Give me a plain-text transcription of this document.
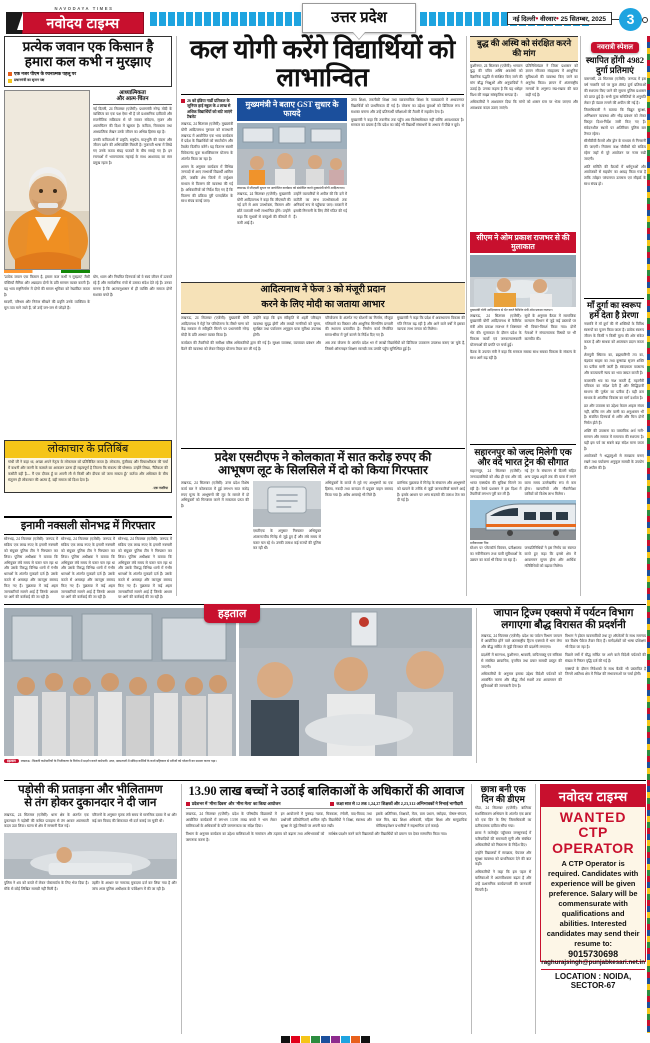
NAVODAYA TIMES
नवोदय टाइम्स	उत्तर प्रदेश	नई दिल्ली• वीरवार• 25 सितम्बर, 2025	3
प्रत्येक जवान एक किसान है
हमारा कल कभी न मुरझाए
एक नजर पीएम के रचनात्मक पहलू पर
प्रधानमंत्री का सृजन पक्ष
आध्यात्मिकता
और आत्म-चिंतन

नई दिल्ली, 24 सितम्बर (एजेंसी): प्रधानमंत्री नरेन्द्र मोदी के व्यक्तित्व का एक पक्ष ऐसा भी है जो प्रशासनिक दायित्वों और राजनीतिक सक्रियता से परे जाकर संवेदना, सृजन और आत्मचिंतन की दिशा में खुलता है। कविता, चित्रकला तथा आध्यात्मिक लेखन उनके जीवन का अभिन्न हिस्सा रहा है।

उनकी कविताओं में प्रकृति, राष्ट्रप्रेम, मातृभूमि की वंदना और जीवन दर्शन की अभिव्यक्ति मिलती है। गुजराती भाषा में लिखे गए उनके काव्य संग्रह पाठकों के बीच सराहे गए हैं। इन रचनाओं में भावनात्मक गहराई के साथ आशावाद का स्वर प्रमुख रहता है।

'प्रत्येक जवान एक किसान है, हमारा कल कभी न मुरझाए' जैसी पंक्तियाँ सैनिक और अन्नदाता दोनों के प्रति सम्मान व्यक्त करती हैं। यह भाव राष्ट्रनिर्माण में दोनों की समान भूमिका को रेखांकित करता है।

सादगी, परिश्रम और निरंतर सीखने की प्रवृत्ति उनके व्यक्तित्व के मूल तत्व माने जाते हैं, जो उन्हें जन-जन से जोड़ते हैं।

योग, ध्यान और नियमित दिनचर्या को वे स्वयं जीवन में उतारते रहे हैं और सार्वजनिक मंचों से उसका संदेश देते रहे हैं। उनका मानना है कि आत्मानुशासन से ही व्यक्ति और समाज दोनों सशक्त बनते हैं।

लोकाचार के प्रतिबिंब

गांधी जी ने कहा था, अच्छा अपने नेतृत्व के लोकाचार को प्रतिबिंबित करता है। लोकतंत्र, पूंजीवाद और विचारशीलता की चर्चा में कथनी और करनी के फासले का आकलन उतना ही महत्वपूर्ण है जितना कि संकल्प की घोषणा। उन्होंने लिखा, 'नैतिकता की कसौटी वही है— मैं एक दीपक हूँ या अपनी लौ से किसी और दीपक को जला सकता हूँ।' कर्तव्य और अधिकार के बीच संतुलन ही लोकाचार की आत्मा है, यही समाज को दिशा देता है।

-एक नजरिया
इनामी नक्सली सोनभद्र में गिरफ्तार

सोनभद्र, 24 सितम्बर (एजेंसी): जनपद में सक्रिय एक लाख रुपए के इनामी नक्सली को संयुक्त पुलिस टीम ने गिरफ्तार कर लिया। पुलिस अधीक्षक ने बताया कि अभियुक्त लंबे समय से फरार चल रहा था और उसके विरुद्ध विभिन्न थानों में गंभीर धाराओं के अंतर्गत मुकदमे दर्ज हैं। उसके कब्जे से असलहा और कारतूस बरामद किए गए हैं। पूछताछ में कई अहम जानकारियाँ सामने आई हैं जिनके आधार पर आगे की कार्रवाई की जा रही है।

सोनभद्र, 24 सितम्बर (एजेंसी): जनपद में सक्रिय एक लाख रुपए के इनामी नक्सली को संयुक्त पुलिस टीम ने गिरफ्तार कर लिया। पुलिस अधीक्षक ने बताया कि अभियुक्त लंबे समय से फरार चल रहा था और उसके विरुद्ध विभिन्न थानों में गंभीर धाराओं के अंतर्गत मुकदमे दर्ज हैं। उसके कब्जे से असलहा और कारतूस बरामद किए गए हैं। पूछताछ में कई अहम जानकारियाँ सामने आई हैं जिनके आधार पर आगे की कार्रवाई की जा रही है।

सोनभद्र, 24 सितम्बर (एजेंसी): जनपद में सक्रिय एक लाख रुपए के इनामी नक्सली को संयुक्त पुलिस टीम ने गिरफ्तार कर लिया। पुलिस अधीक्षक ने बताया कि अभियुक्त लंबे समय से फरार चल रहा था और उसके विरुद्ध विभिन्न थानों में गंभीर धाराओं के अंतर्गत मुकदमे दर्ज हैं। उसके कब्जे से असलहा और कारतूस बरामद किए गए हैं। पूछताछ में कई अहम जानकारियाँ सामने आई हैं जिनके आधार पर आगे की कार्रवाई की जा रही है।

कल योगी करेंगे विद्यार्थियों को लाभान्वित
26 को इंडिया गार्डी प्रतिकल के जूनियर हाई स्कूल के 4 लाख से अधिक विद्यार्थियों को बांटे जाएंगे टैबलेट

लखनऊ, 24 सितम्बर (एजेंसी): मुख्यमंत्री योगी आदित्यनाथ गुरुवार को राजधानी लखनऊ में आयोजित एक भव्य कार्यक्रम में प्रदेश के विद्यार्थियों को स्मार्टफोन और टैबलेट वितरित करेंगे। यह वितरण स्वामी विवेकानंद युवा सशक्तिकरण योजना के अंतर्गत किया जा रहा है।

शासन के अनुसार कार्यक्रम में विभिन्न जनपदों से आए लाभार्थी विद्यार्थी शामिल होंगे, जबकि शेष जिलों में वर्चुअल माध्यम से वितरण की व्यवस्था की गई है। अधिकारियों को निर्देश दिए गए हैं कि वितरण की प्रक्रिया पूरी पारदर्शिता के साथ संपन्न कराई जाए।

मुख्यमंत्री ने बताए GST सुधार के फायदे
लखनऊ में जीएसटी सुधार पर आयोजित कार्यक्रम को संबोधित करते मुख्यमंत्री योगी आदित्यनाथ।

लखनऊ, 24 सितम्बर (एजेंसी): मुख्यमंत्री योगी आदित्यनाथ ने कहा कि जीएसटी की नई दरों से आम उपभोक्ता, किसान और छोटे व्यापारी सभी लाभान्वित होंगे। उन्होंने कहा कि सुधारों से वस्तुओं की कीमतों में कमी आई है।

उन्होंने व्यापारियों से अपील की कि दरों में कटौती का लाभ उपभोक्ताओं तक अनिवार्य रूप से पहुँचाया जाए। बाजारों में इसकी निगरानी के लिए टीमें गठित की गई हैं।

उच्च शिक्षा, तकनीकी शिक्षा तथा व्यावसायिक शिक्षा के पाठ्यक्रमों में अध्ययनरत विद्यार्थियों को प्राथमिकता दी गई है। योजना का उद्देश्य युवाओं को डिजिटल रूप से सशक्त बनाना और उन्हें प्रतिस्पर्धी परीक्षाओं की तैयारी में सहयोग देना है।

मुख्यमंत्री ने कहा कि तकनीक तक पहुँच अब विशेषाधिकार नहीं बल्कि आवश्यकता है। सरकार का प्रयास है कि प्रदेश का कोई भी विद्यार्थी संसाधनों के अभाव में पीछे न छूटे।

आदित्यनाथ ने फेज 3 को मंजूरी प्रदान
करने के लिए मोदी का जताया आभार

लखनऊ, 24 सितम्बर (एजेंसी): मुख्यमंत्री योगी आदित्यनाथ ने मेट्रो रेल परियोजना के तीसरे चरण को केंद्र सरकार से स्वीकृति मिलने पर प्रधानमंत्री नरेन्द्र मोदी के प्रति आभार व्यक्त किया है।

उन्होंने कहा कि इस स्वीकृति से शहरी परिवहन व्यवस्था सुदृढ़ होगी और लाखों नागरिकों को सुगम, सुरक्षित तथा पर्यावरण अनुकूल यात्रा सुविधा उपलब्ध होगी।

परियोजना के अंतर्गत नए स्टेशनों का निर्माण, मौजूदा गलियारों का विस्तार और आधुनिक सिग्नलिंग प्रणाली की स्थापना प्रस्तावित है। निर्माण कार्य निर्धारित समय-सीमा में पूर्ण कराने के निर्देश दिए गए हैं।

मुख्यमंत्री ने कहा कि प्रदेश में अवस्थापना विकास की गति निरंतर बढ़ रही है और आने वाले वर्षों में इसका व्यापक लाभ जनता को मिलेगा।

कार्यक्रम की तैयारियों की समीक्षा वरिष्ठ अधिकारियों द्वारा की गई है। सुरक्षा व्यवस्था, यातायात प्रबंधन और बैठने की व्यवस्था को लेकर विस्तृत योजना तैयार कर ली गई है।

अब तक योजना के अंतर्गत प्रदेश भर में लाखों विद्यार्थियों को डिजिटल उपकरण उपलब्ध कराए जा चुके हैं, जिससे ऑनलाइन शिक्षण सामग्री तक उनकी पहुँच सुनिश्चित हुई है।

प्रदेश एसटीएफ ने कोलकाता में सात करोड़ रुपए की
आभूषण लूट के सिलसिले में दो को किया गिरफ्तार

लखनऊ, 24 सितम्बर (एजेंसी): उत्तर प्रदेश विशेष कार्य बल ने कोलकाता में हुई लगभग सात करोड़ रुपए मूल्य के आभूषणों की लूट के मामले में दो अभियुक्तों को गिरफ्तार करने में सफलता प्राप्त की है।

एसटीएफ के अनुसार गिरफ्तार अभियुक्त अंतरराज्यीय गिरोह से जुड़े हुए हैं और लंबे समय से फरार चल रहे थे। उनकी तलाश कई राज्यों की पुलिस कर रही थी।

अभियुक्तों के कब्जे से लूटे गए आभूषणों का एक हिस्सा, नकदी तथा वारदात में प्रयुक्त वाहन बरामद किया गया है। अवैध असलहे भी मिले हैं।

प्रारंभिक पूछताछ में गिरोह के संचालन और आभूषणों को खपाने के तरीके से जुड़ी जानकारियाँ सामने आई हैं। इसके आधार पर अन्य सदस्यों की तलाश तेज कर दी गई है।

बुद्ध की अस्थि को संरक्षित करने की मांग

कुशीनगर, 24 सितम्बर (एजेंसी): भगवान बुद्ध की पवित्र अस्थि अवशेषों को वैज्ञानिक पद्धति से संरक्षित किए जाने की मांग बौद्ध भिक्षुओं और अनुयायियों ने उठाई है। उनका कहना है कि यह धरोहर विश्व की साझा सांस्कृतिक सम्पदा है।

प्रतिनिधिमंडल ने जिला प्रशासन को ज्ञापन सौंपकर संग्रहालय में आधुनिक सुविधाओं की व्यवस्था किए जाने का अनुरोध किया। ज्ञापन में अंतरराष्ट्रीय मानकों के अनुरूप रख-रखाव की बात कही गई है।

अधिकारियों ने आश्वासन दिया कि मांगों को शासन स्तर पर भेजा जाएगा और आवश्यक कदम उठाए जाएंगे।

सीएम ने ओम प्रकाश राजभर से की मुलाकात
मुख्यमंत्री योगी आदित्यनाथ से भेंट करते कैबिनेट मंत्री ओम प्रकाश राजभर।

लखनऊ, 24 सितम्बर (एजेंसी): मुख्यमंत्री योगी आदित्यनाथ से कैबिनेट मंत्री ओम प्रकाश राजभर ने शिष्टाचार भेंट की। मुलाकात के दौरान प्रदेश के विकास कार्यों एवं जनकल्याणकारी योजनाओं की प्रगति पर चर्चा हुई।

सूत्रों के अनुसार बैठक में सामाजिक कल्याण विभाग से जुड़े कई प्रस्तावों पर भी विचार-विमर्श किया गया। दोनों नेताओं ने संगठनात्मक विषयों पर भी बातचीत की।

बैठक के उपरांत मंत्री ने कहा कि सरकार सबका साथ सबका विकास के संकल्प के साथ आगे बढ़ रही है।

सहारनपुर को जल्द मिलेगी एक
और वंदे भारत ट्रेन की सौगात

सहारनपुर, 24 सितम्बर (एजेंसी): जनपदवासियों को शीघ्र ही एक और वंदे भारत एक्सप्रेस की सुविधा मिलने जा रही है। रेलवे प्रशासन ने इस दिशा में तैयारियाँ लगभग पूरी कर ली हैं।

नई ट्रेन के संचालन से दिल्ली सहित अन्य प्रमुख शहरों तक की यात्रा में लगने वाला समय उल्लेखनीय रूप से कम होगा। व्यापारियों और नौकरीपेशा यात्रियों को विशेष लाभ मिलेगा।

प्रतीकात्मक चित्र

स्टेशन पर प्लेटफॉर्म विस्तार, प्रतीक्षालय का नवीनीकरण तथा यात्री सुविधाओं के उन्नयन का कार्य भी किया जा रहा है।

जनप्रतिनिधियों ने इस निर्णय का स्वागत करते हुए कहा कि इससे क्षेत्र में आवागमन सुगम होगा और आर्थिक गतिविधियों को बढ़ावा मिलेगा।

नवरात्री स्पेशल
स्थापित होंगी 4982
दुर्गा प्रतिमाएं

वाराणसी, 24 सितम्बर (एजेंसी): जनपद में इस वर्ष नवरात्रि पर्व पर कुल 4982 दुर्गा प्रतिमाओं की स्थापना किए जाने की सूचना पुलिस प्रशासन को प्राप्त हुई है। सभी पूजा समितियों से अनुमति लेकर ही पंडाल लगाने की अपील की गई है।

जिलाधिकारी ने बताया कि विद्युत सुरक्षा, अग्निशमन व्यवस्था और भीड़ प्रबंधन को लेकर विस्तृत दिशा-निर्देश जारी किए गए हैं। संवेदनशील स्थलों पर अतिरिक्त पुलिस बल तैनात रहेगा।

सीसीटीवी कैमरों और ड्रोन के माध्यम से निगरानी की जाएगी। नियंत्रण कक्ष चौबीसों घंटे सक्रिय रहेगा जहाँ से पूरे आयोजन पर नजर रखी जाएगी।

शांति समिति की बैठकों में धर्मगुरुओं और आयोजकों से सहयोग का आग्रह किया गया है ताकि त्योहार परंपरागत उल्लास एवं सौहार्द के साथ संपन्न हो।

माँ दुर्गा का स्वरूप
हमें देता है प्रेरणा

नवरात्रि में माँ दुर्गा की नौ शक्तियों के विविध स्वरूपों का पूजन किया जाता है। प्रत्येक स्वरूप जीवन के किसी न किसी मूल्य की ओर संकेत करता है और साधक को आत्मबल प्रदान करता है।

शैलपुत्री स्थिरता का, ब्रह्मचारिणी तप का, चंद्रघंटा साहस का तथा कूष्मांडा सृजन शक्ति का प्रतीक मानी जाती हैं। स्कंदमाता वात्सल्य और कात्यायनी न्याय का भाव जाग्रत करती हैं।

कालरात्रि भय का नाश करती हैं, महागौरी पवित्रता का संदेश देती हैं और सिद्धिदात्री साधना की पूर्णता का प्रतीक हैं। यही क्रम साधक के आंतरिक विकास का मार्ग दर्शाता है।

व्रत और उपवास का उद्देश्य केवल आहार संयम नहीं, बल्कि मन और वाणी का अनुशासन भी है। संयमित दिनचर्या से शरीर और चित्त दोनों निर्मल होते हैं।

शक्ति की उपासना का वास्तविक अर्थ नारी-सम्मान और समाज में समानता की स्थापना है। यही इस पर्व का सबसे बड़ा संदेश माना जाता है।

आयोजकों ने श्रद्धालुओं से स्वच्छता बनाए रखने तथा पर्यावरण अनुकूल सामग्री के उपयोग की अपील की है।

हड़ताल
हड़ताल	लखनऊ : बिजली कर्मचारियों के निजीकरण के विरोध में प्रदर्शन करते कर्मचारी। उधर, अस्पतालों में संविदा कर्मियों के कार्य बहिष्कार से मरीजों को परेशानी का सामना करना पड़ा।
जापान ट्रिज्म एक्सपो में पर्यटन विभाग
लगाएगा बौद्ध विरासत की प्रदर्शनी

लखनऊ, 24 सितम्बर (एजेंसी): प्रदेश का पर्यटन विभाग जापान में आयोजित होने वाले अंतरराष्ट्रीय ट्रिज्म एक्सपो में भाग लेगा और बौद्ध सर्किट से जुड़ी विरासत की प्रदर्शनी लगाएगा।

प्रदर्शनी में सारनाथ, कुशीनगर, श्रावस्ती, कपिलवस्तु एवं संकिसा से संबंधित छायाचित्र, वृत्तचित्र तथा प्रचार सामग्री प्रस्तुत की जाएगी।

अधिकारियों के अनुसार इसका उद्देश्य विदेशी पर्यटकों को आकर्षित करना और बौद्ध तीर्थ स्थलों तक आवागमन की सुविधाओं की जानकारी देना है।

विभाग ने होटल व्यवसायियों तथा टूर ऑपरेटरों के साथ समन्वय कर विशेष पैकेज तैयार किए हैं। मार्गदर्शकों को भाषा प्रशिक्षण भी दिया जा रहा है।

पिछले वर्षों में बौद्ध सर्किट पर आने वाले विदेशी पर्यटकों की संख्या में निरंतर वृद्धि दर्ज की गई है।

एक्सपो के दौरान निवेशकों के साथ बैठकें भी प्रस्तावित हैं जिनमें आतिथ्य क्षेत्र में निवेश की संभावनाओं पर चर्चा होगी।

पड़ोसी की प्रताड़ना और भीलितामण
से तंग होकर दुकानदार ने दी जान

लखनऊ, 24 सितम्बर (एजेंसी): थाना क्षेत्र के अंतर्गत एक दुकानदार ने पड़ोसी की कथित प्रताड़ना से तंग आकर आत्मघाती कदम उठा लिया। घटना से क्षेत्र में सनसनी फैल गई।

परिजनों के अनुसार मृतक लंबे समय से मानसिक दबाव में था और कई बार विवाद की शिकायत भी दर्ज कराई जा चुकी थी।

पुलिस ने शव को कब्जे में लेकर पोस्टमार्टम के लिए भेज दिया है। मौके से कोई लिखित सामग्री नहीं मिली है।

तहरीर के आधार पर नामजद मुकदमा दर्ज कर लिया गया है और जांच अपर पुलिस अधीक्षक के पर्यवेक्षण में की जा रही है।

13.90 लाख बच्चों ने उठाई बालिकाओं के अधिकारों की आवाज
प्रदेशभर में 'मीना दिवस' और 'मीना मेला' का किया आयोजन	कक्षा सात से 12 तक 1,24,27 शिक्षकों और 2,23,312 अभिभावकों ने निभाई भागीदारी

लखनऊ, 24 सितम्बर (एजेंसी): प्रदेश के परिषदीय विद्यालयों में आयोजित कार्यक्रमों में लगभग 13.90 लाख बच्चों ने भाग लेकर बालिकाओं के अधिकारों के प्रति जागरूकता का संदेश दिया।

इन आयोजनों में नुक्कड़ नाटक, चित्रकला, रंगोली, वाद-विवाद तथा प्रश्नोत्तरी प्रतियोगिताएँ शामिल रहीं। विद्यार्थियों ने शिक्षा, स्वास्थ्य और सुरक्षा से जुड़े विषयों पर अपनी बात रखी।

इसके अतिरिक्त, शिक्षकों, मेंटर, ग्राम प्रधान, रसोइया, पोषण-संगठन, बाल मित्र, खंड शिक्षा अधिकारी, महिला शिक्षा और सामुदायिक मोबिलाइजेशन प्रभारियों ने सहभागिता दर्ज कराई।

विभाग के अनुसार कार्यक्रम का उद्देश्य बालिकाओं के नामांकन और ठहराव को बढ़ाना तथा अभिभावकों को जागरूक करना है।

सर्वश्रेष्ठ प्रदर्शन करने वाले विद्यालयों और विद्यार्थियों को प्रमाण पत्र देकर सम्मानित किया गया।

छात्रा बनी एक
दिन की डीएम

गोंडा, 24 सितम्बर (एजेंसी): बालिका सशक्तिकरण अभियान के अंतर्गत एक छात्रा को एक दिन के लिए जिलाधिकारी का प्रतीकात्मक दायित्व सौंपा गया।

छात्रा ने कलेक्ट्रेट पहुँचकर जनसुनवाई में फरियादियों की समस्याएँ सुनीं और संबंधित अधिकारियों को निस्तारण के निर्देश दिए।

उन्होंने विद्यालयों में स्वच्छता, पेयजल और सुरक्षा व्यवस्था को प्राथमिकता देने की बात कही।

अधिकारियों ने कहा कि इस पहल से बालिकाओं में आत्मविश्वास बढ़ता है और उन्हें प्रशासनिक कार्यप्रणाली की जानकारी मिलती है।

नवोदय टाइम्स
WANTED
CTP OPERATOR
A CTP Operator is required. Candidates with experience will be given preference. Salary will be commensurate with qualifications and abilities. Interested candidates may send their resume to:
9015730698
raghurajsingh@punjabkesari.net.in
LOCATION : NOIDA, SECTOR-67
